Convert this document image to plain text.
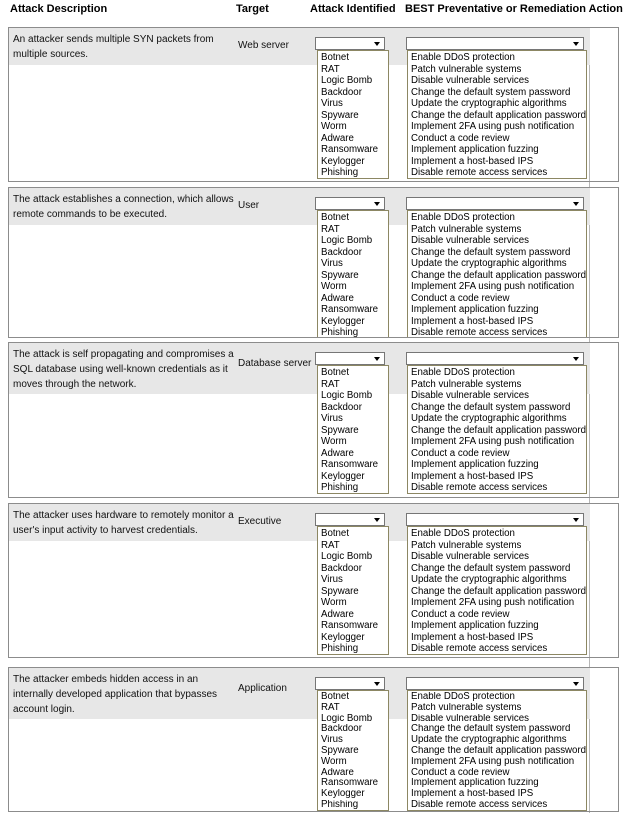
Attack Description	Target	Attack Identified BEST Preventative or Remediation Action
An attacker sends multiple SYN packets from
multiple sources.
Web server
Botnet
RAT
Logic Bomb
Backdoor
Virus
Spyware
Worm
Adware
Ransomware
Keylogger
Phishing
Enable DDoS protection
Patch vulnerable systems
Disable vulnerable services
Change the default system password
Update the cryptographic algorithms
Change the default application password
Implement 2FA using push notification
Conduct a code review
Implement application fuzzing
Implement a host-based IPS
Disable remote access services
The attack establishes a connection, which allows
remote commands to be executed.
User
Botnet
RAT
Logic Bomb
Backdoor
Virus
Spyware
Worm
Adware
Ransomware
Keylogger
Phishing
Enable DDoS protection
Patch vulnerable systems
Disable vulnerable services
Change the default system password
Update the cryptographic algorithms
Change the default application password
Implement 2FA using push notification
Conduct a code review
Implement application fuzzing
Implement a host-based IPS
Disable remote access services
The attack is self propagating and compromises a
SQL database using well-known credentials as it
moves through the network.
Database server
Botnet
RAT
Logic Bomb
Backdoor
Virus
Spyware
Worm
Adware
Ransomware
Keylogger
Phishing
Enable DDoS protection
Patch vulnerable systems
Disable vulnerable services
Change the default system password
Update the cryptographic algorithms
Change the default application password
Implement 2FA using push notification
Conduct a code review
Implement application fuzzing
Implement a host-based IPS
Disable remote access services
The attacker uses hardware to remotely monitor a
user's input activity to harvest credentials.
Executive
Botnet
RAT
Logic Bomb
Backdoor
Virus
Spyware
Worm
Adware
Ransomware
Keylogger
Phishing
Enable DDoS protection
Patch vulnerable systems
Disable vulnerable services
Change the default system password
Update the cryptographic algorithms
Change the default application password
Implement 2FA using push notification
Conduct a code review
Implement application fuzzing
Implement a host-based IPS
Disable remote access services
The attacker embeds hidden access in an
internally developed application that bypasses
account login.
Application
Botnet
RAT
Logic Bomb
Backdoor
Virus
Spyware
Worm
Adware
Ransomware
Keylogger
Phishing
Enable DDoS protection
Patch vulnerable systems
Disable vulnerable services
Change the default system password
Update the cryptographic algorithms
Change the default application password
Implement 2FA using push notification
Conduct a code review
Implement application fuzzing
Implement a host-based IPS
Disable remote access services
